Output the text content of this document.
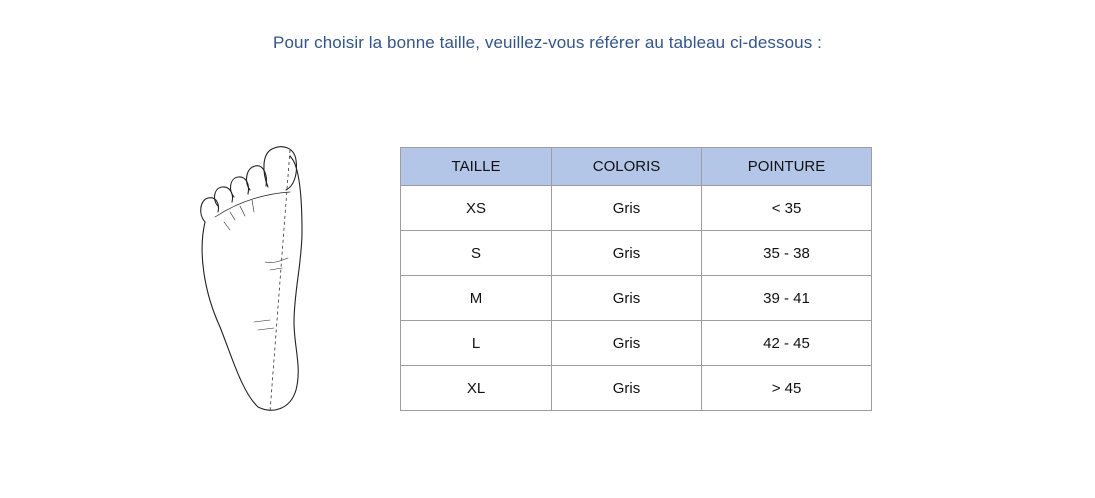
Pour choisir la bonne taille, veuillez-vous référer au tableau ci-dessous :
TAILLE	COLORIS	POINTURE
XS	Gris	< 35
S	Gris	35 - 38
M	Gris	39 - 41
L	Gris	42 - 45
XL	Gris	> 45
